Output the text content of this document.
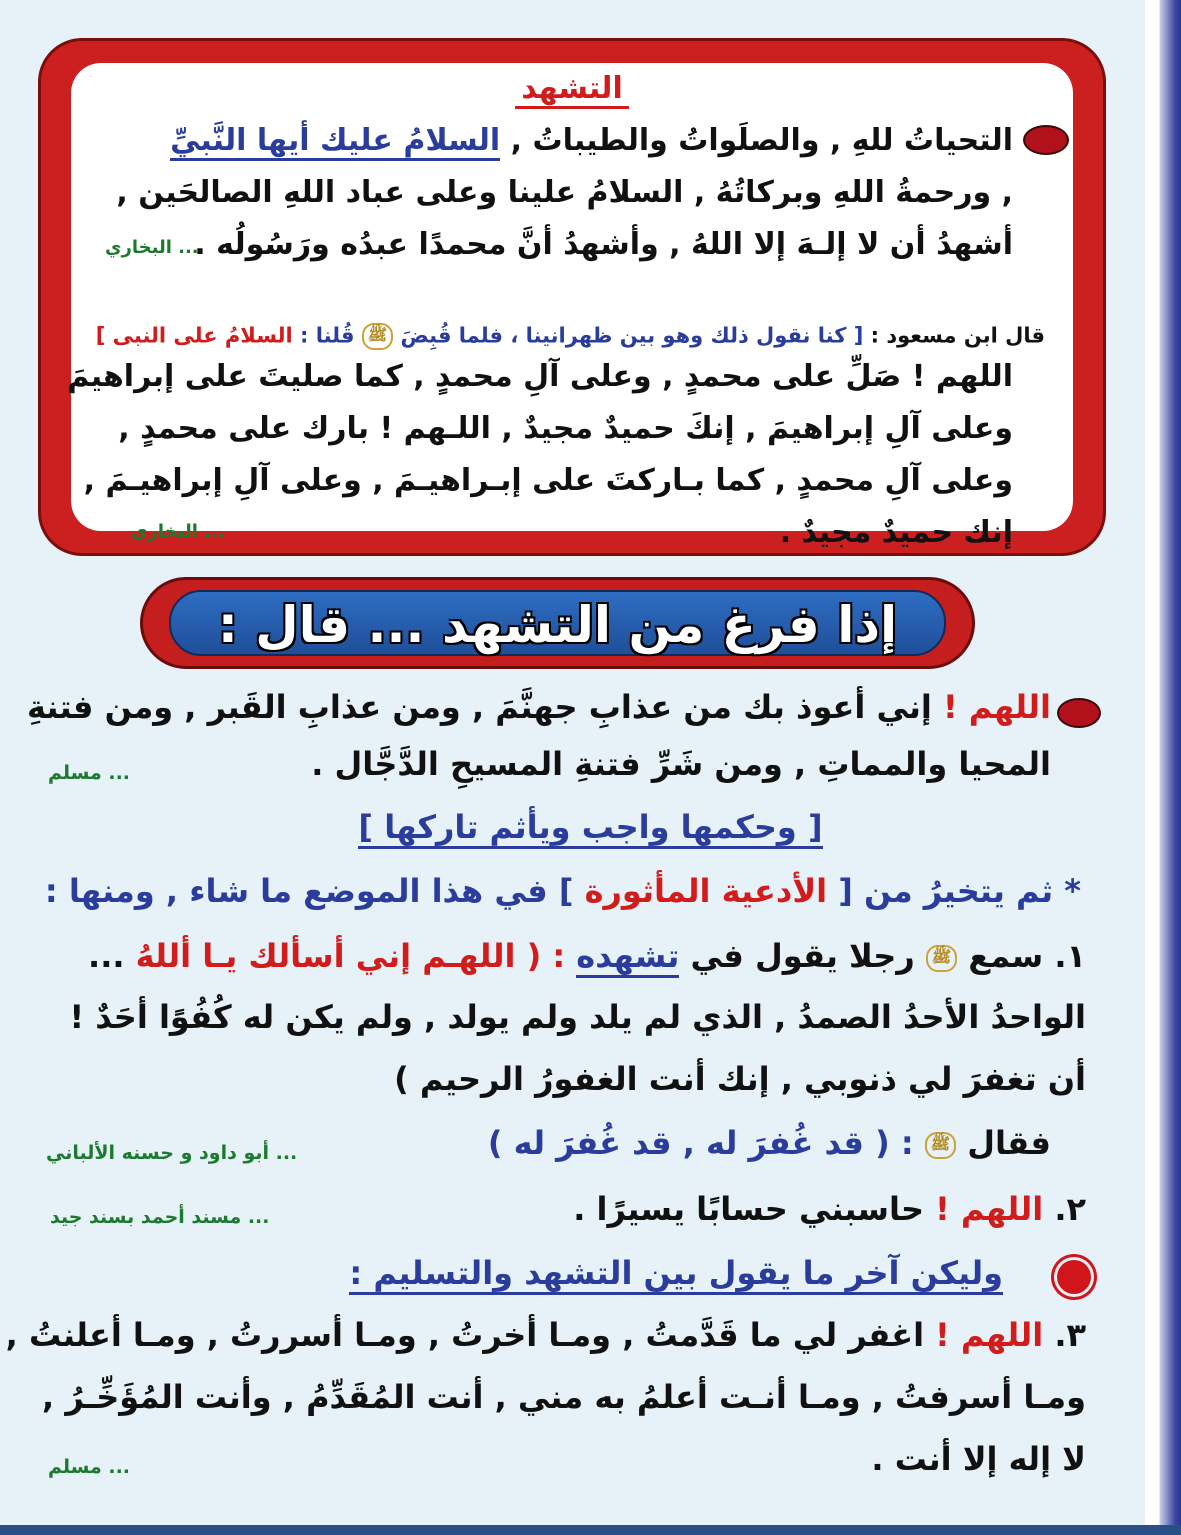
التشهد
التحياتُ للهِ , والصلَواتُ والطيباتُ , السلامُ عليك أيها النَّبيِّ
, ورحمةُ اللهِ وبركاتُهُ , السلامُ علينا وعلى عباد اللهِ الصالحَين ,
أشهدُ أن لا إلـهَ إلا اللهُ , وأشهدُ أنَّ محمدًا عبدُه ورَسُولُه .
... البخاري
قال ابن مسعود : [ كنا نقول ذلك وهو بين ظهرانينا ، فلما قُبِضَ ﷺ قُلنا : السلامُ على النبى ]
اللهم ! صَلِّ على محمدٍ , وعلى آلِ محمدٍ , كما صليتَ على إبراهيمَ
وعلى آلِ إبراهيمَ , إنكَ حميدٌ مجيدٌ , اللـهم ! بارك على محمدٍ ,
وعلى آلِ محمدٍ , كما بـاركتَ على إبـراهيـمَ , وعلى آلِ إبراهيـمَ ,
إنك حميدٌ مجيدٌ .
... البخاري
إذا فرغ من التشهد ... قال :
اللهم ! إني أعوذ بك من عذابِ جهنَّمَ , ومن عذابِ القَبر , ومن فتنةِ
المحيا والمماتِ , ومن شَرِّ فتنةِ المسيحِ الدَّجَّال .
... مسلم
[ وحكمها واجب ويأثم تاركها ]
* ثم يتخيرُ من [ الأدعية المأثورة ] في هذا الموضع ما شاء , ومنها :
١. سمع ﷺ رجلا يقول في تشهده : ( اللهـم إني أسألك يـا أللهُ ...
الواحدُ الأحدُ الصمدُ , الذي لم يلد ولم يولد , ولم يكن له كُفُوًا أحَدٌ !
أن تغفرَ لي ذنوبي , إنك أنت الغفورُ الرحيم )
فقال ﷺ : ( قد غُفرَ له , قد غُفرَ له )
... أبو داود و حسنه الألباني
٢. اللهم ! حاسبني حسابًا يسيرًا .
... مسند أحمد بسند جيد
وليكن آخر ما يقول بين التشهد والتسليم :
٣. اللهم ! اغفر لي ما قَدَّمتُ , ومـا أخرتُ , ومـا أسررتُ , ومـا أعلنتُ ,
ومـا أسرفتُ , ومـا أنـت أعلمُ به مني , أنت المُقَدِّمُ , وأنت المُؤَخِّـرُ ,
لا إله إلا أنت .
... مسلم
